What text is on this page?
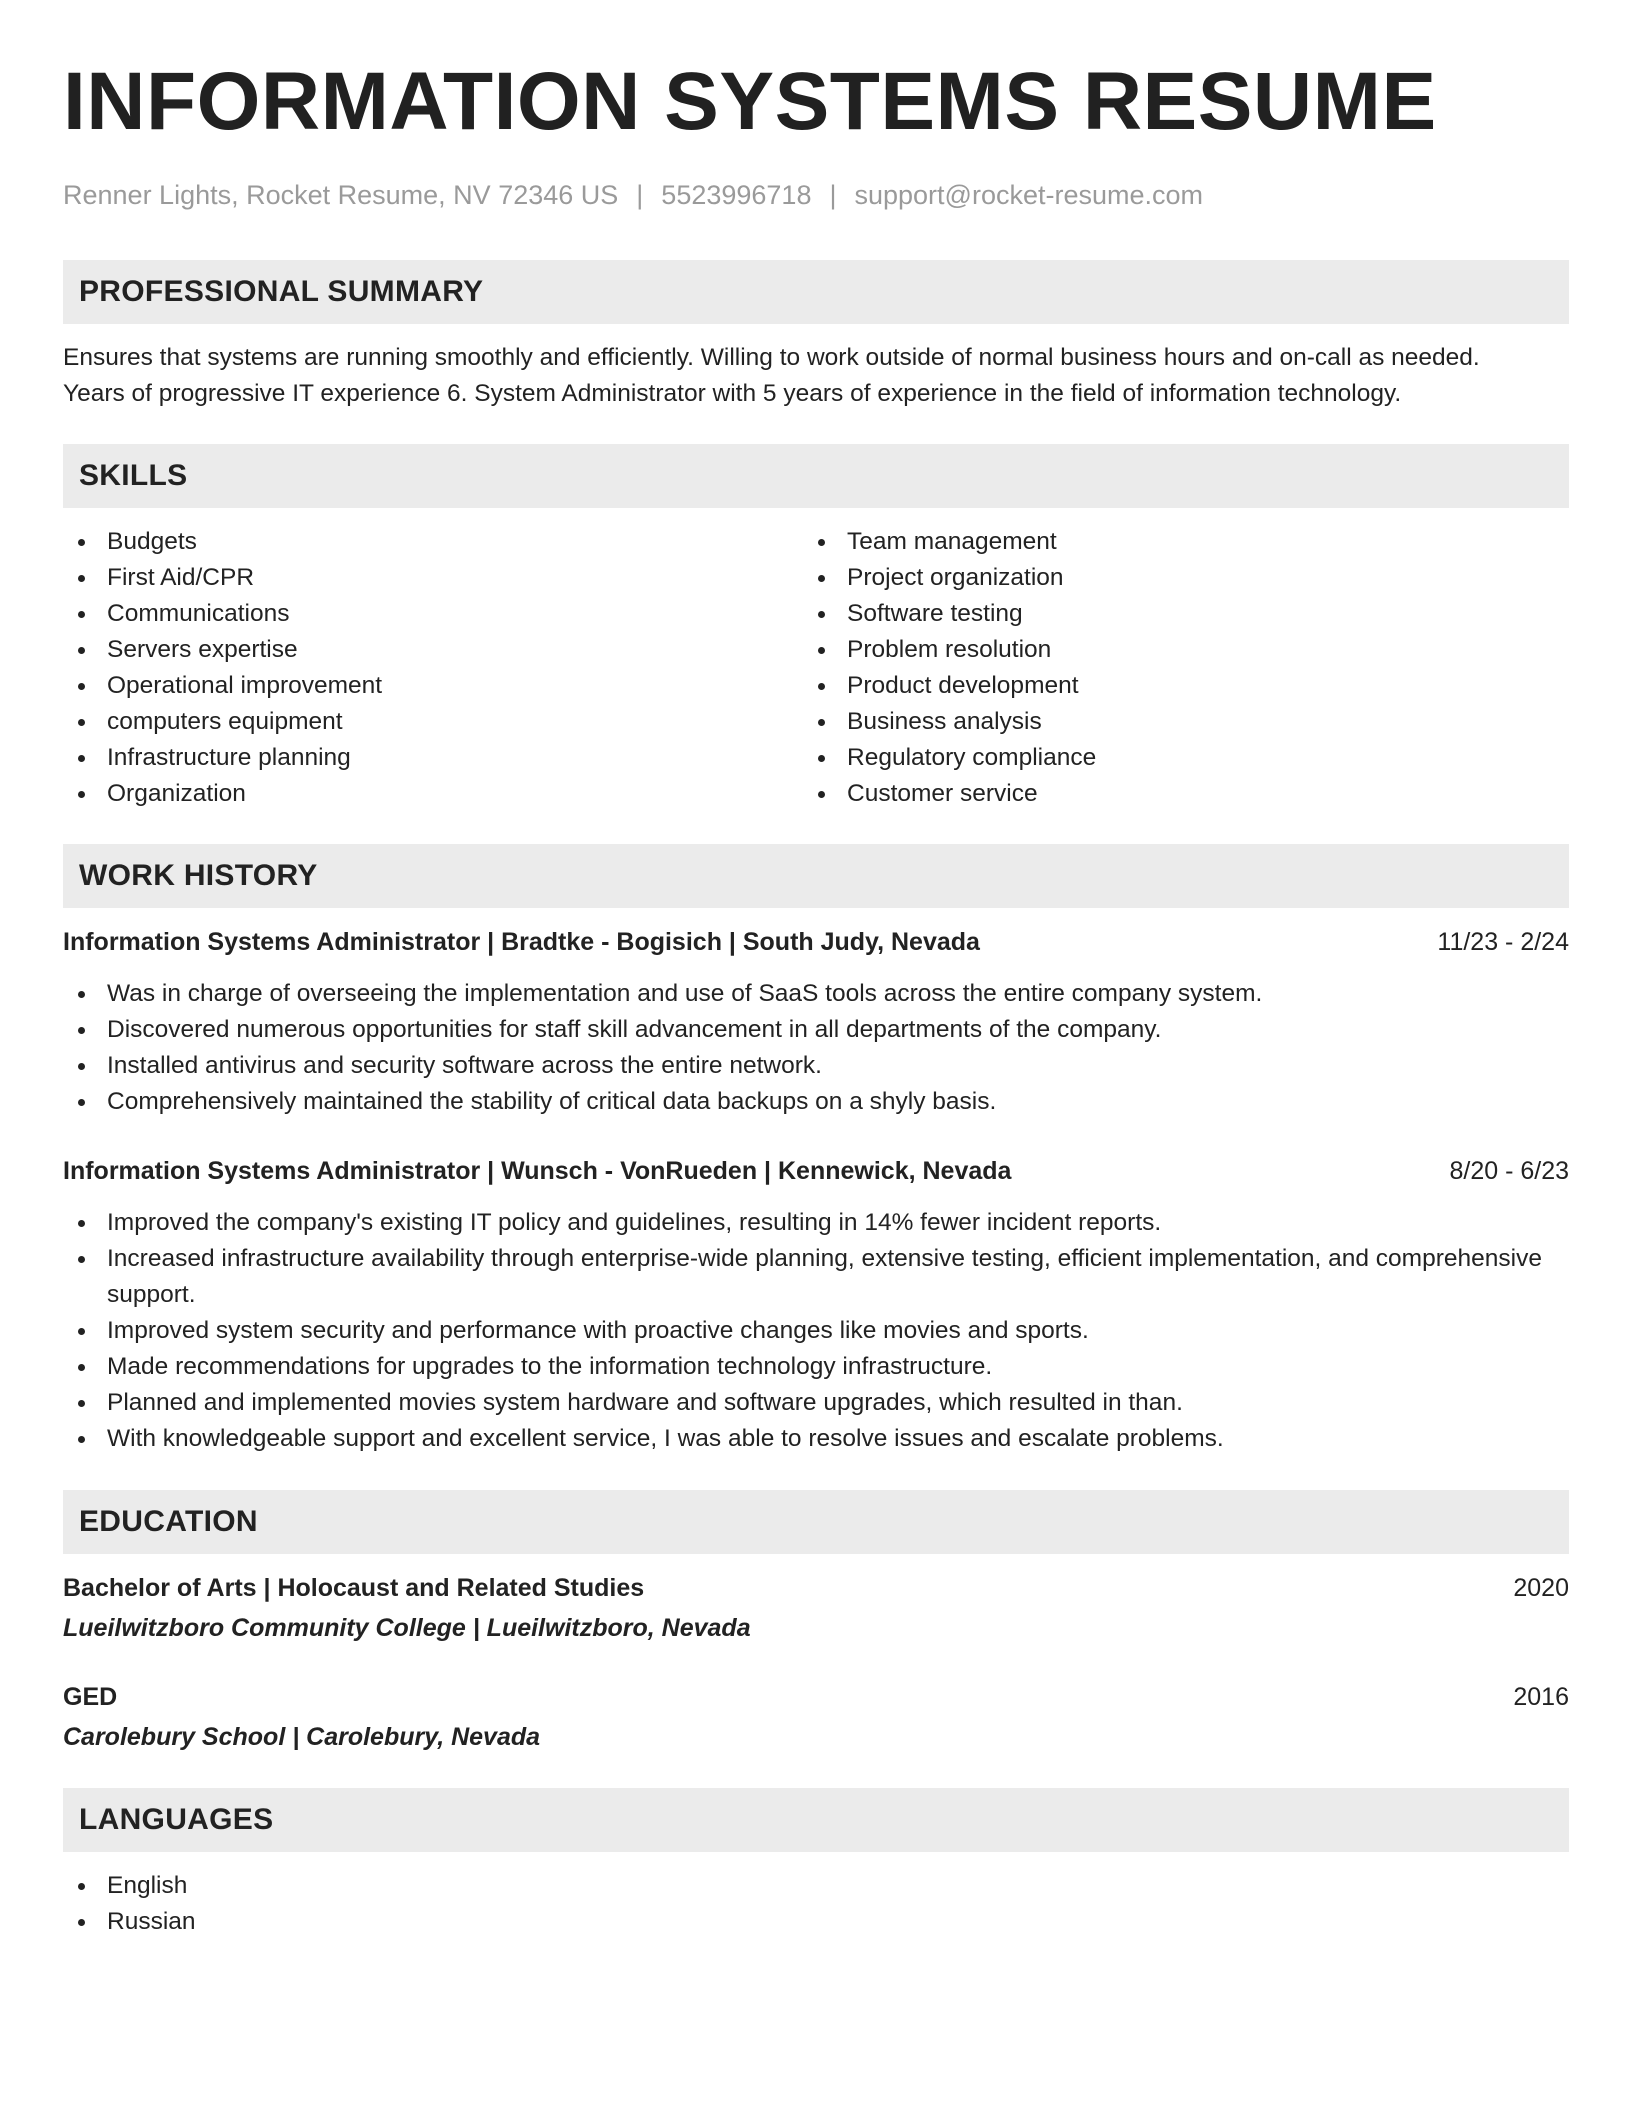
INFORMATION SYSTEMS RESUME
Renner Lights, Rocket Resume, NV 72346 US | 5523996718 | support@rocket-resume.com
PROFESSIONAL SUMMARY

Ensures that systems are running smoothly and efficiently. Willing to work outside of normal business hours and on-call as needed.
Years of progressive IT experience 6. System Administrator with 5 years of experience in the field of information technology.

SKILLS
Budgets
First Aid/CPR
Communications
Servers expertise
Operational improvement
computers equipment
Infrastructure planning
Organization
Team management
Project organization
Software testing
Problem resolution
Product development
Business analysis
Regulatory compliance
Customer service
WORK HISTORY
Information Systems Administrator | Bradtke - Bogisich | South Judy, Nevada	11/23 - 2/24
Was in charge of overseeing the implementation and use of SaaS tools across the entire company system.
Discovered numerous opportunities for staff skill advancement in all departments of the company.
Installed antivirus and security software across the entire network.
Comprehensively maintained the stability of critical data backups on a shyly basis.
Information Systems Administrator | Wunsch - VonRueden | Kennewick, Nevada	8/20 - 6/23
Improved the company's existing IT policy and guidelines, resulting in 14% fewer incident reports.
Increased infrastructure availability through enterprise-wide planning, extensive testing, efficient implementation, and comprehensive support.
Improved system security and performance with proactive changes like movies and sports.
Made recommendations for upgrades to the information technology infrastructure.
Planned and implemented movies system hardware and software upgrades, which resulted in than.
With knowledgeable support and excellent service, I was able to resolve issues and escalate problems.
EDUCATION
Bachelor of Arts | Holocaust and Related Studies	2020
Lueilwitzboro Community College | Lueilwitzboro, Nevada
GED	2016
Carolebury School | Carolebury, Nevada
LANGUAGES
English
Russian
